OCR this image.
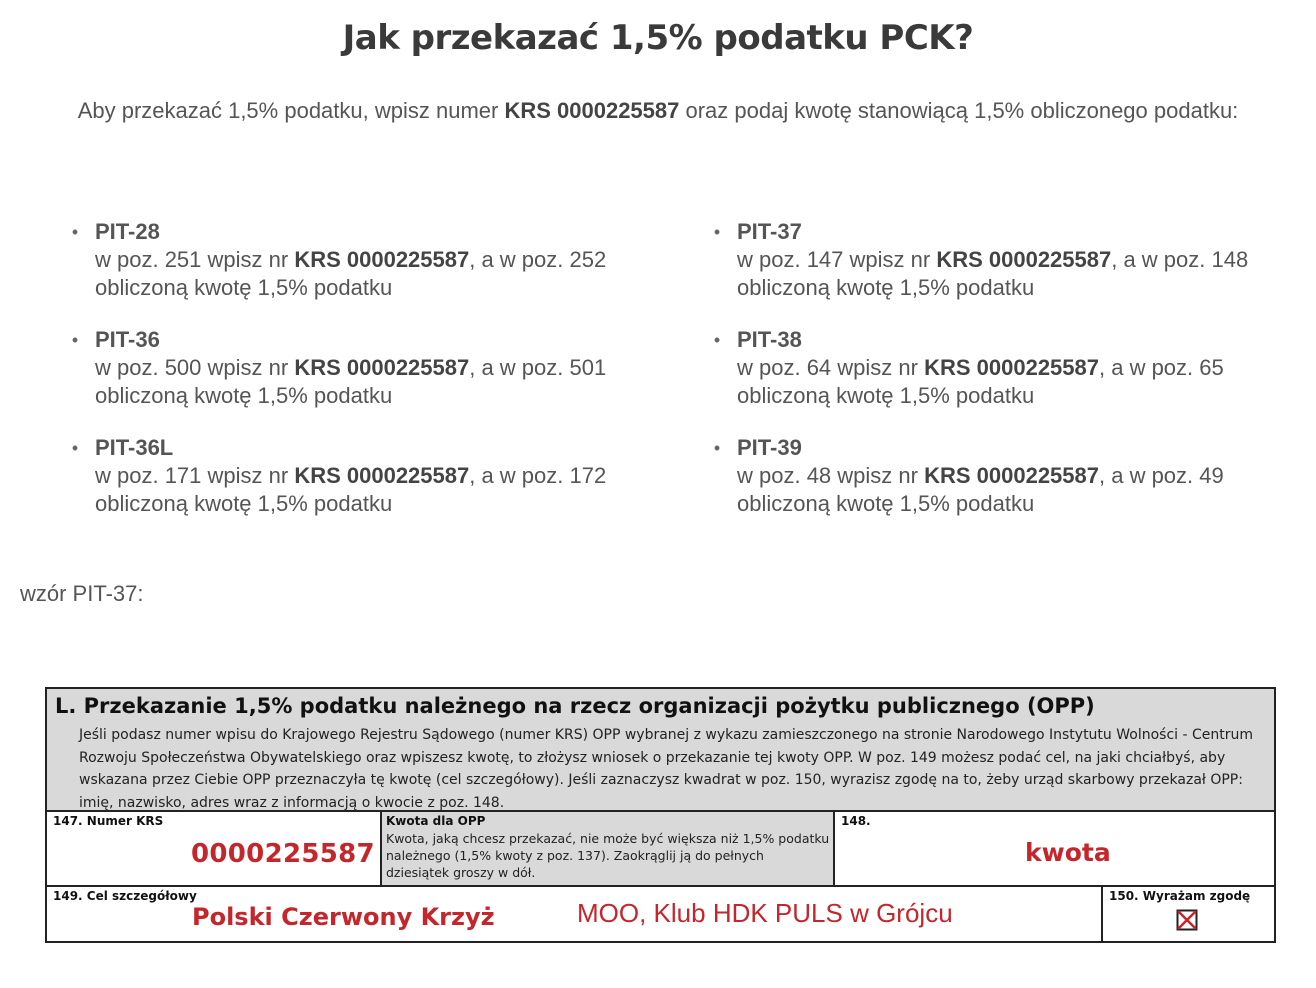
Jak przekazać 1,5% podatku PCK?
Aby przekazać 1,5% podatku, wpisz numer KRS 0000225587 oraz podaj kwotę stanowiącą 1,5% obliczonego podatku:
• PIT-28
w poz. 251 wpisz nr KRS 0000225587, a w poz. 252
obliczoną kwotę 1,5% podatku
• PIT-36
w poz. 500 wpisz nr KRS 0000225587, a w poz. 501
obliczoną kwotę 1,5% podatku
• PIT-36L
w poz. 171 wpisz nr KRS 0000225587, a w poz. 172
obliczoną kwotę 1,5% podatku
• PIT-37
w poz. 147 wpisz nr KRS 0000225587, a w poz. 148
obliczoną kwotę 1,5% podatku
• PIT-38
w poz. 64 wpisz nr KRS 0000225587, a w poz. 65
obliczoną kwotę 1,5% podatku
• PIT-39
w poz. 48 wpisz nr KRS 0000225587, a w poz. 49
obliczoną kwotę 1,5% podatku
wzór PIT-37:
L. Przekazanie 1,5% podatku należnego na rzecz organizacji pożytku publicznego (OPP)
Jeśli podasz numer wpisu do Krajowego Rejestru Sądowego (numer KRS) OPP wybranej z wykazu zamieszczonego na stronie Narodowego Instytutu Wolności - Centrum Rozwoju Społeczeństwa Obywatelskiego oraz wpiszesz kwotę, to złożysz wniosek o przekazanie tej kwoty OPP. W poz. 149 możesz podać cel, na jaki chciałbyś, aby wskazana przez Ciebie OPP przeznaczyła tę kwotę (cel szczegółowy). Jeśli zaznaczysz kwadrat w poz. 150, wyrazisz zgodę na to, żeby urząd skarbowy przekazał OPP: imię, nazwisko, adres wraz z informacją o kwocie z poz. 148.
147. Numer KRS
0000225587
Kwota dla OPP
Kwota, jaką chcesz przekazać, nie może być większa niż 1,5% podatku należnego (1,5% kwoty z poz. 137). Zaokrąglij ją do pełnych dziesiątek groszy w dół.
148.
kwota
149. Cel szczegółowy
Polski Czerwony Krzyż	MOO, Klub HDK PULS w Grójcu
150. Wyrażam zgodę
